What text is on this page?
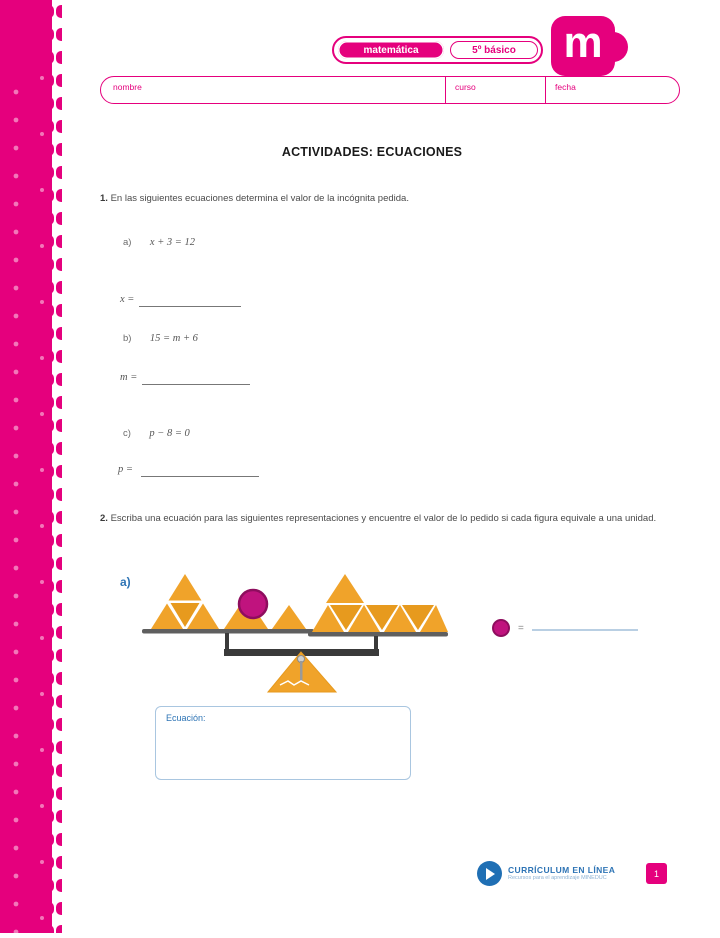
matemática	5º básico	m
nombre	curso	fecha
ACTIVIDADES: ECUACIONES
1. En las siguientes ecuaciones determina el valor de la incógnita pedida.
a) x + 3 = 12
x =
b) 15 = m + 6
m =
c) p − 8 = 0
p =
2. Escriba una ecuación para las siguientes representaciones y encuentre el valor de lo pedido si cada figura equivale a una unidad.
a)
=
Ecuación:
CURRÍCULUM EN LÍNEA
Recursos para el aprendizaje MINEDUC	1
